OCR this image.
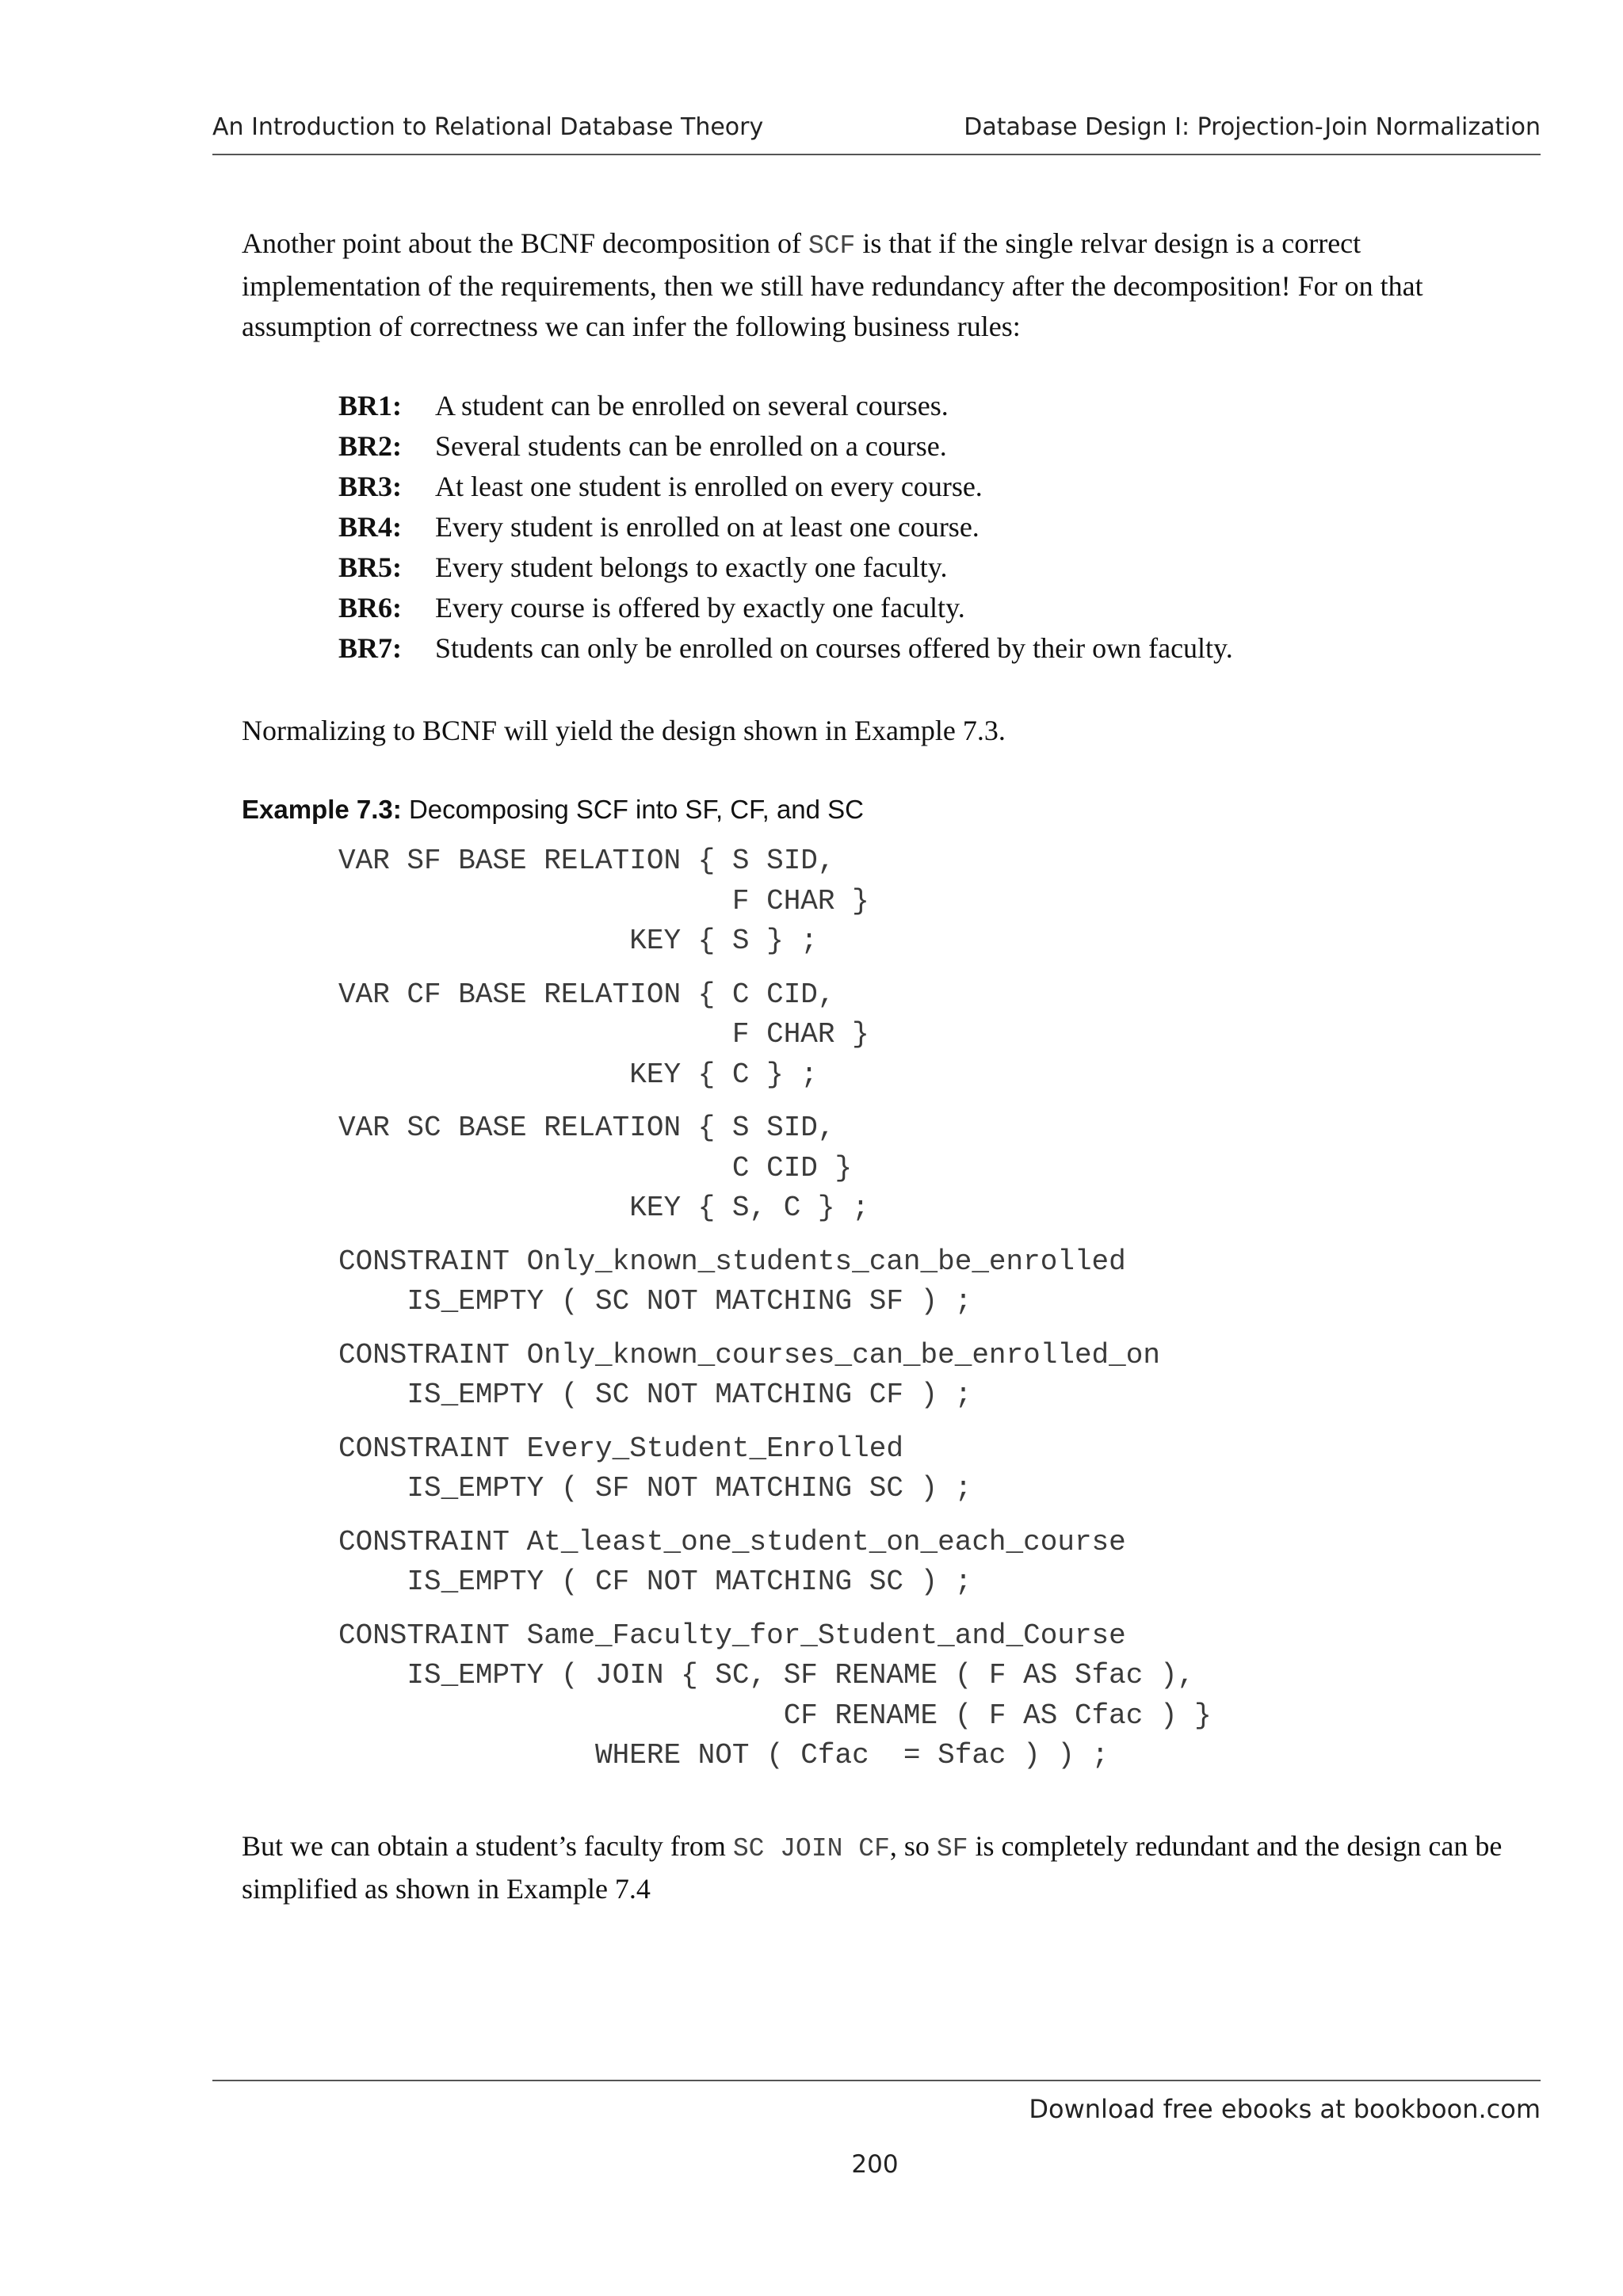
An Introduction to Relational Database Theory	Database Design I: Projection-Join Normalization
Another point about the BCNF decomposition of SCF is that if the single relvar design is a correct implementation of the requirements, then we still have redundancy after the decomposition! For on that assumption of correctness we can infer the following business rules:
BR1:	A student can be enrolled on several courses.
BR2:	Several students can be enrolled on a course.
BR3:	At least one student is enrolled on every course.
BR4:	Every student is enrolled on at least one course.
BR5:	Every student belongs to exactly one faculty.
BR6:	Every course is offered by exactly one faculty.
BR7:	Students can only be enrolled on courses offered by their own faculty.
Normalizing to BCNF will yield the design shown in Example 7.3.
Example 7.3: Decomposing SCF into SF, CF, and SC
VAR SF BASE RELATION { S SID,
F CHAR }
KEY { S } ;
VAR CF BASE RELATION { C CID,
F CHAR }
KEY { C } ;
VAR SC BASE RELATION { S SID,
C CID }
KEY { S, C } ;
CONSTRAINT Only_known_students_can_be_enrolled
IS_EMPTY ( SC NOT MATCHING SF ) ;
CONSTRAINT Only_known_courses_can_be_enrolled_on
IS_EMPTY ( SC NOT MATCHING CF ) ;
CONSTRAINT Every_Student_Enrolled
IS_EMPTY ( SF NOT MATCHING SC ) ;
CONSTRAINT At_least_one_student_on_each_course
IS_EMPTY ( CF NOT MATCHING SC ) ;
CONSTRAINT Same_Faculty_for_Student_and_Course
IS_EMPTY ( JOIN { SC, SF RENAME ( F AS Sfac ),
CF RENAME ( F AS Cfac ) }
WHERE NOT ( Cfac  = Sfac ) ) ;
But we can obtain a student’s faculty from SC JOIN CF, so SF is completely redundant and the design can be simplified as shown in Example 7.4
Download free ebooks at bookboon.com
200
